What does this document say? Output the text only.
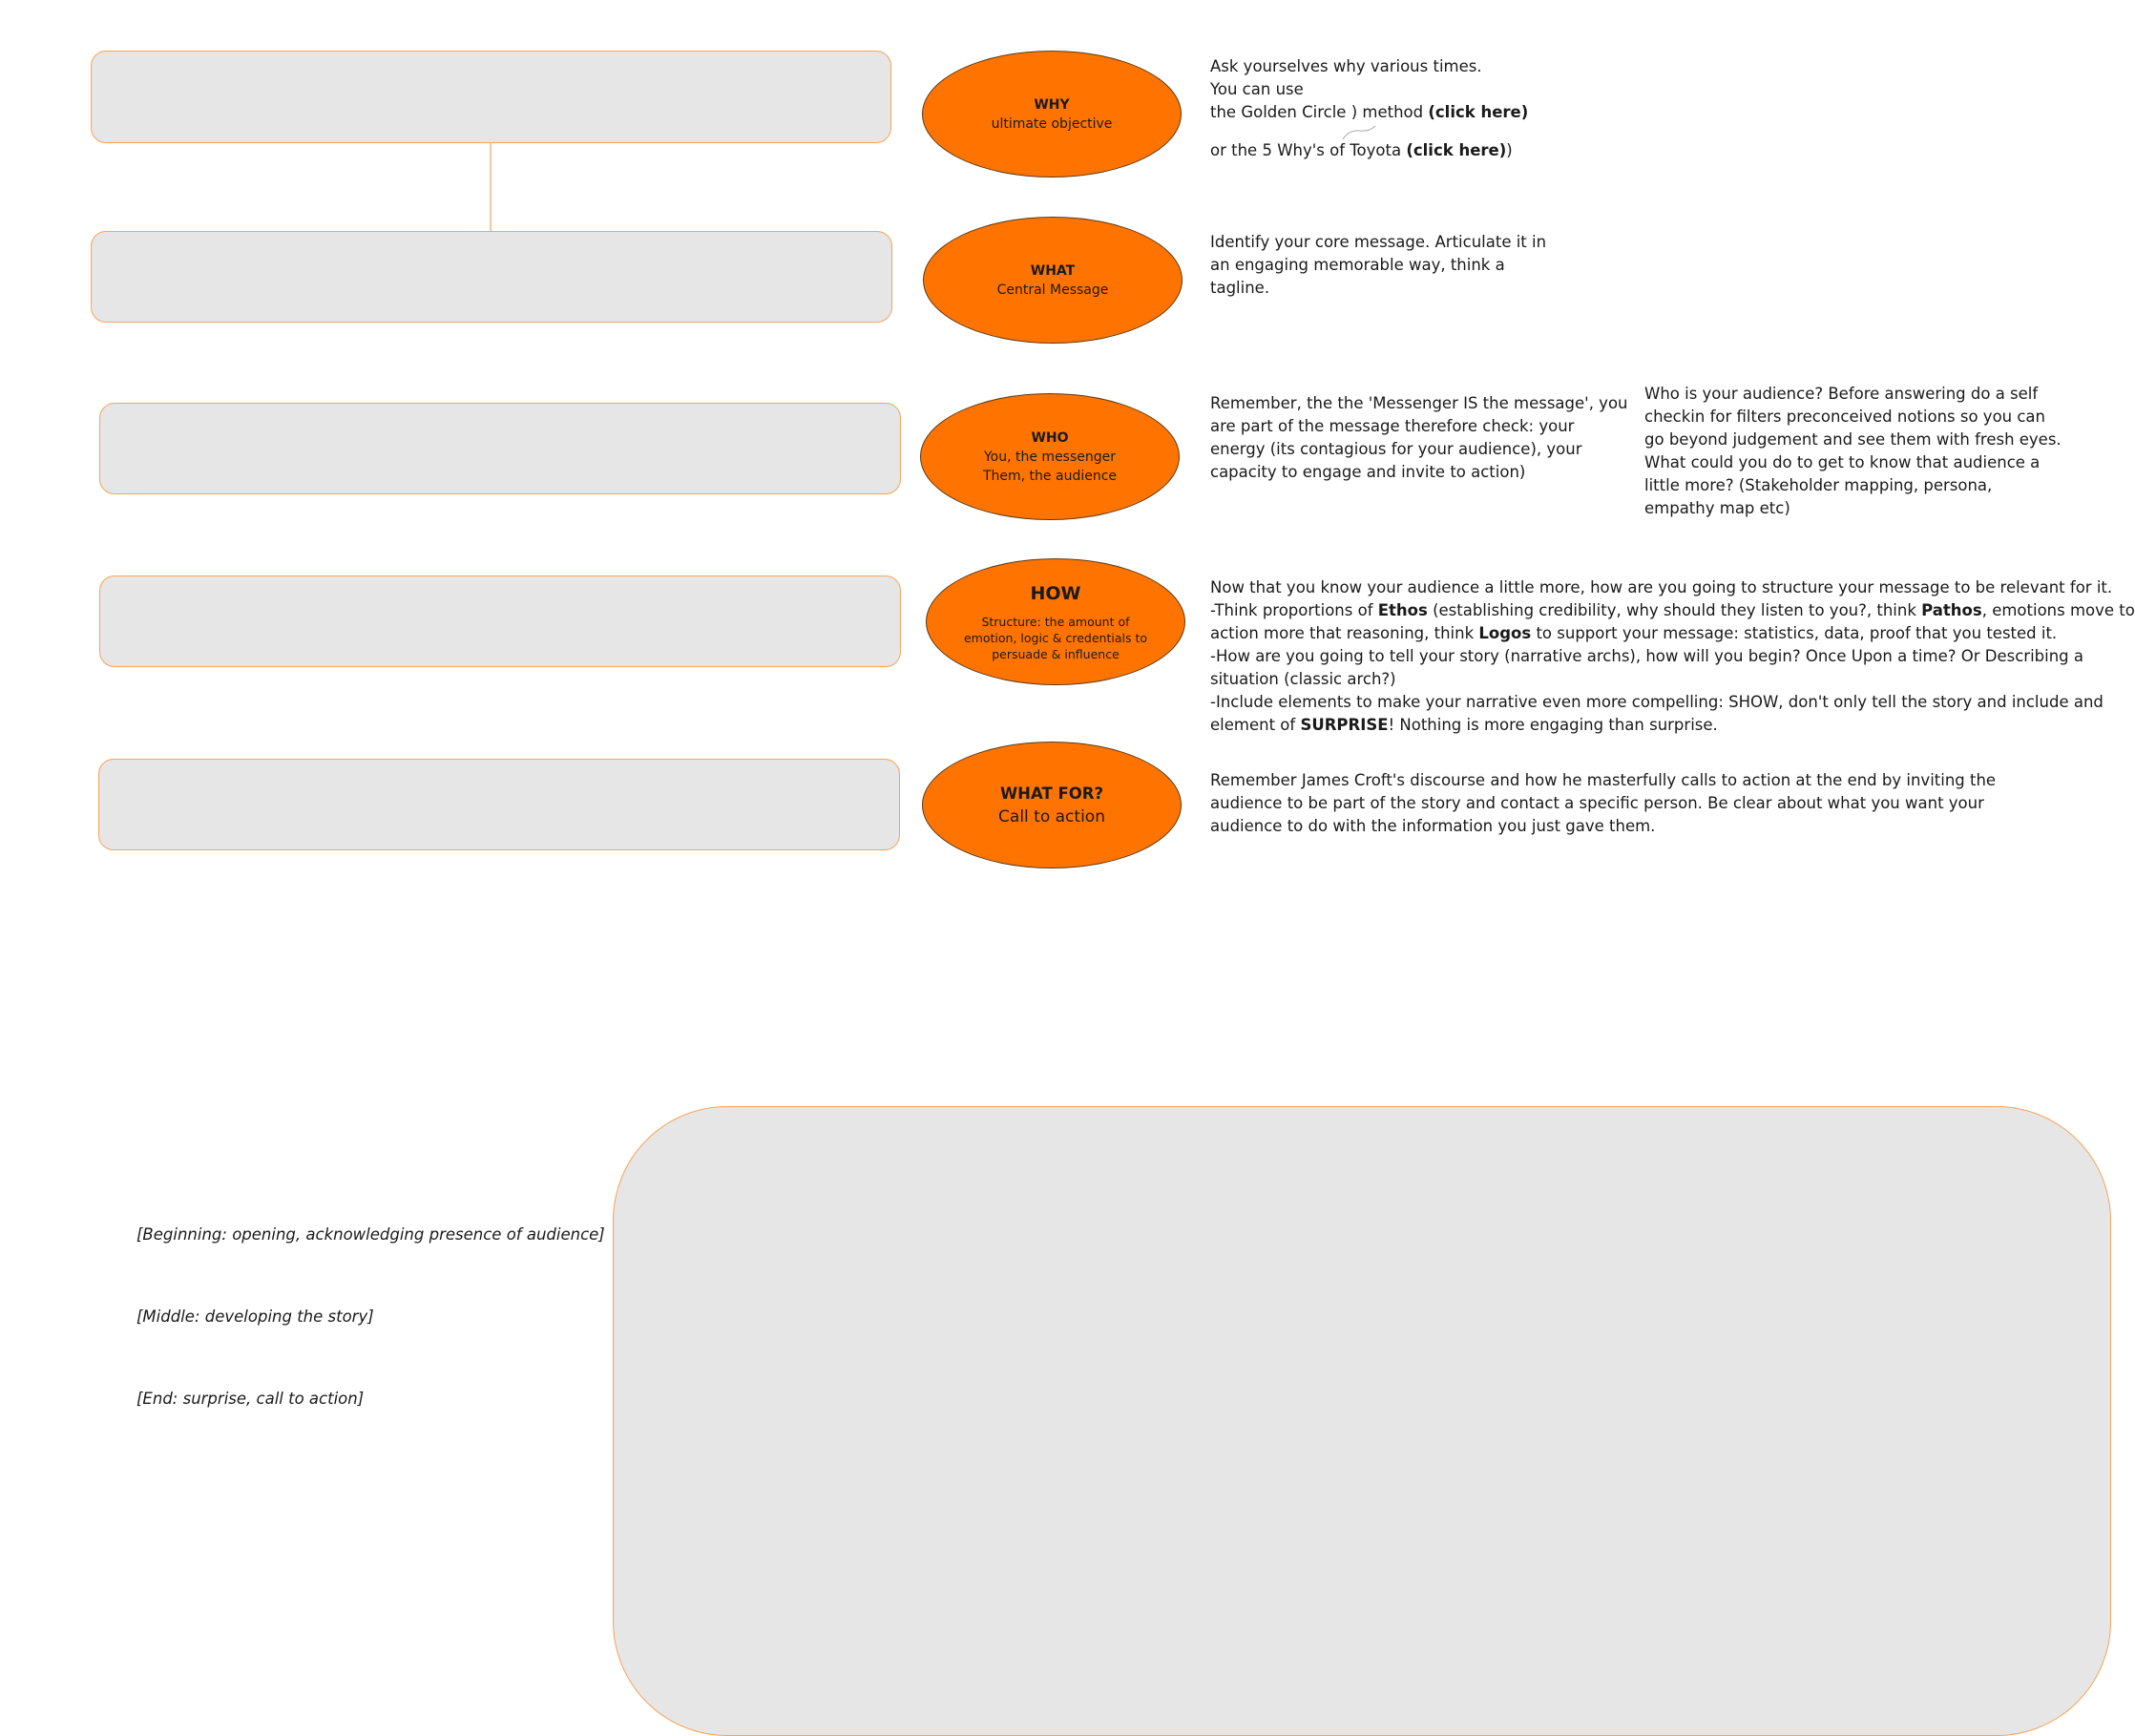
WHY
ultimate objective
Ask yourselves why various times.
You can use
the Golden Circle ) method (click here)
or the 5 Why's of Toyota (click here))
WHAT
Central Message
Identify your core message. Articulate it in
an engaging memorable way, think a
tagline.
WHO
You, the messenger
Them, the audience
Remember, the the 'Messenger IS the message', you
are part of the message therefore check: your
energy (its contagious for your audience), your
capacity to engage and invite to action)
Who is your audience? Before answering do a self
checkin for filters preconceived notions so you can
go beyond judgement and see them with fresh eyes.
What could you do to get to know that audience a
little more? (Stakeholder mapping, persona,
empathy map etc)
HOW
Structure: the amount of
emotion, logic & credentials to
persuade & influence
Now that you know your audience a little more, how are you going to structure your message to be relevant for it.
-Think proportions of Ethos (establishing credibility, why should they listen to you?, think Pathos, emotions move to
action more that reasoning, think Logos to support your message: statistics, data, proof that you tested it.
-How are you going to tell your story (narrative archs), how will you begin? Once Upon a time? Or Describing a
situation (classic arch?)
-Include elements to make your narrative even more compelling: SHOW, don't only tell the story and include and
element of SURPRISE! Nothing is more engaging than surprise.
WHAT FOR?
Call to action
Remember James Croft's discourse and how he masterfully calls to action at the end by inviting the
audience to be part of the story and contact a specific person. Be clear about what you want your
audience to do with the information you just gave them.
[Beginning: opening, acknowledging presence of audience]
[Middle: developing the story]
[End: surprise, call to action]
